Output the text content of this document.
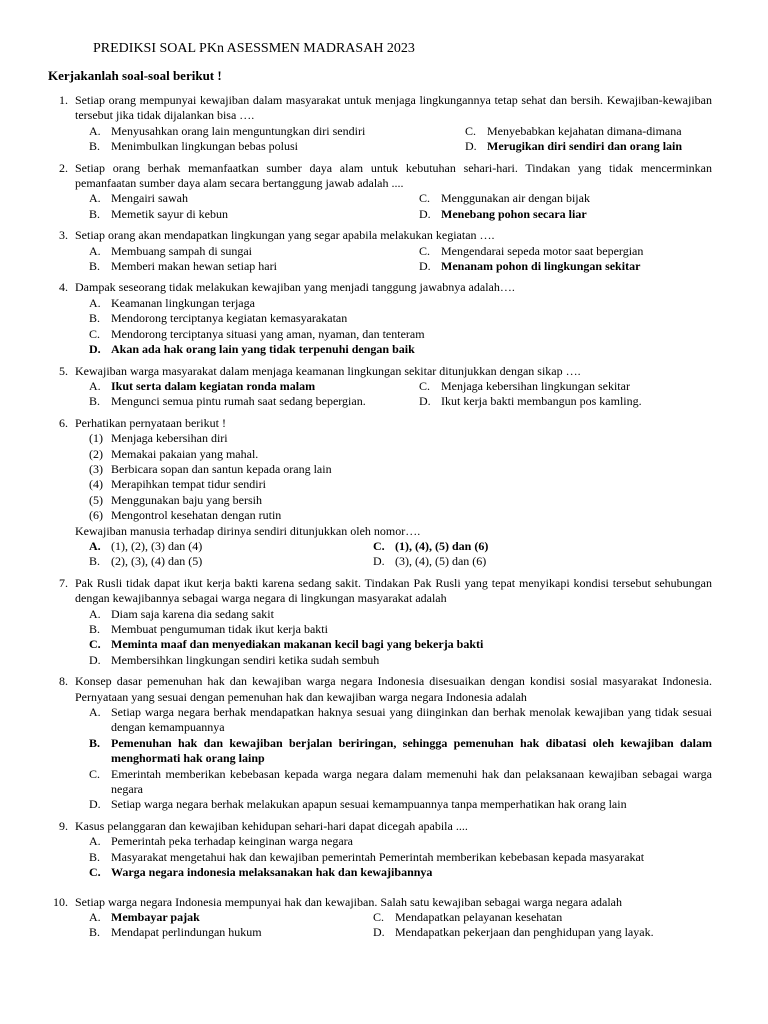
PREDIKSI SOAL PKn ASESSMEN MADRASAH 2023
Kerjakanlah soal-soal berikut !
1. Setiap orang mempunyai kewajiban dalam masyarakat untuk menjaga lingkungannya tetap sehat dan bersih. Kewajiban-kewajiban tersebut jika tidak dijalankan bisa ….
A. Menyusahkan orang lain menguntungkan diri sendiri	C. Menyebabkan kejahatan dimana-dimana
B. Menimbulkan lingkungan bebas polusi	D. Merugikan diri sendiri dan orang lain
2. Setiap orang berhak memanfaatkan sumber daya alam untuk kebutuhan sehari-hari. Tindakan yang tidak mencerminkan pemanfaatan sumber daya alam secara bertanggung jawab adalah ....
A. Mengairi sawah	C. Menggunakan air dengan bijak
B. Memetik sayur di kebun	D. Menebang pohon secara liar
3. Setiap orang akan mendapatkan lingkungan yang segar apabila melakukan kegiatan ….
A. Membuang sampah di sungai	C. Mengendarai sepeda motor saat bepergian
B. Memberi makan hewan setiap hari	D. Menanam pohon di lingkungan sekitar
4. Dampak seseorang tidak melakukan kewajiban yang menjadi tanggung jawabnya adalah….
A. Keamanan lingkungan terjaga
B. Mendorong terciptanya kegiatan kemasyarakatan
C. Mendorong terciptanya situasi yang aman, nyaman, dan tenteram
D. Akan ada hak orang lain yang tidak terpenuhi dengan baik
5. Kewajiban warga masyarakat dalam menjaga keamanan lingkungan sekitar ditunjukkan dengan sikap ….
A. Ikut serta dalam kegiatan ronda malam	C. Menjaga kebersihan lingkungan sekitar
B. Mengunci semua pintu rumah saat sedang bepergian.	D. Ikut kerja bakti membangun pos kamling.
6. Perhatikan pernyataan berikut !
(1) Menjaga kebersihan diri
(2) Memakai pakaian yang mahal.
(3) Berbicara sopan dan santun kepada orang lain
(4) Merapihkan tempat tidur sendiri
(5) Menggunakan baju yang bersih
(6) Mengontrol kesehatan dengan rutin
Kewajiban manusia terhadap dirinya sendiri ditunjukkan oleh nomor….
A. (1), (2), (3) dan (4)	C. (1), (4), (5) dan (6)
B. (2), (3), (4) dan (5)	D. (3), (4), (5) dan (6)
7. Pak Rusli tidak dapat ikut kerja bakti karena sedang sakit. Tindakan Pak Rusli yang tepat menyikapi kondisi tersebut sehubungan dengan kewajibannya sebagai warga negara di lingkungan masyarakat adalah
A. Diam saja karena dia sedang sakit
B. Membuat pengumuman tidak ikut kerja bakti
C. Meminta maaf dan menyediakan makanan kecil bagi yang bekerja bakti
D. Membersihkan lingkungan sendiri ketika sudah sembuh
8. Konsep dasar pemenuhan hak dan kewajiban warga negara Indonesia disesuaikan dengan kondisi sosial masyarakat Indonesia. Pernyataan yang sesuai dengan pemenuhan hak dan kewajiban warga negara Indonesia adalah
A. Setiap warga negara berhak mendapatkan haknya sesuai yang diinginkan dan berhak menolak kewajiban yang tidak sesuai dengan kemampuannya
B. Pemenuhan hak dan kewajiban berjalan beriringan, sehingga pemenuhan hak dibatasi oleh kewajiban dalam menghormati hak orang lainp
C. Emerintah memberikan kebebasan kepada warga negara dalam memenuhi hak dan pelaksanaan kewajiban sebagai warga negara
D. Setiap warga negara berhak melakukan apapun sesuai kemampuannya tanpa memperhatikan hak orang lain
9. Kasus pelanggaran dan kewajiban kehidupan sehari-hari dapat dicegah apabila ....
A. Pemerintah peka terhadap keinginan warga negara
B. Masyarakat mengetahui hak dan kewajiban pemerintah Pemerintah memberikan kebebasan kepada masyarakat
C. Warga negara indonesia melaksanakan hak dan kewajibannya
10. Setiap warga negara Indonesia mempunyai hak dan kewajiban. Salah satu kewajiban sebagai warga negara adalah
A. Membayar pajak	C. Mendapatkan pelayanan kesehatan
B. Mendapat perlindungan hukum	D. Mendapatkan pekerjaan dan penghidupan yang layak.
